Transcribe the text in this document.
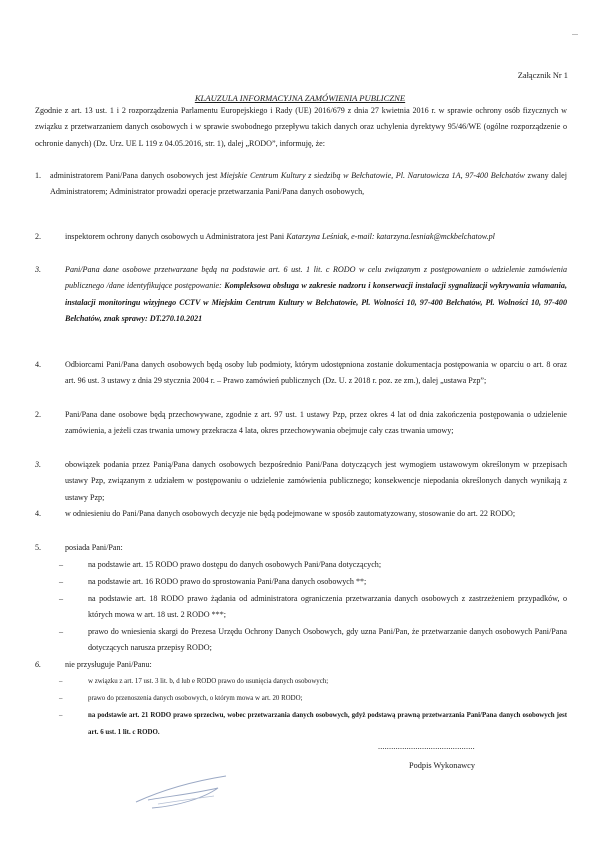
Załącznik Nr 1
KLAUZULA INFORMACYJNA ZAMÓWIENIA PUBLICZNE
Zgodnie z art. 13 ust. 1 i 2 rozporządzenia Parlamentu Europejskiego i Rady (UE) 2016/679 z dnia 27 kwietnia 2016 r. w sprawie ochrony osób fizycznych w związku z przetwarzaniem danych osobowych i w sprawie swobodnego przepływu takich danych oraz uchylenia dyrektywy 95/46/WE (ogólne rozporządzenie o ochronie danych) (Dz. Urz. UE L 119 z 04.05.2016, str. 1), dalej „RODO”, informuję, że:
1. administratorem Pani/Pana danych osobowych jest Miejskie Centrum Kultury z siedzibą w Bełchatowie, Pl. Narutowicza 1A, 97-400 Bełchatów zwany dalej Administratorem; Administrator prowadzi operacje przetwarzania Pani/Pana danych osobowych,
2.	inspektorem ochrony danych osobowych u Administratora jest Pani Katarzyna Leśniak, e-mail: katarzyna.lesniak@mckbelchatow.pl
3.	Pani/Pana dane osobowe przetwarzane będą na podstawie art. 6 ust. 1 lit. c RODO w celu związanym z postępowaniem o udzielenie zamówienia publicznego /dane identyfikujące postępowanie: Kompleksowa obsługa w zakresie nadzoru i konserwacji instalacji sygnalizacji wykrywania włamania, instalacji monitoringu wizyjnego CCTV w Miejskim Centrum Kultury w Bełchatowie, Pl. Wolności 10, 97-400 Bełchatów, Pl. Wolności 10, 97-400 Bełchatów, znak sprawy: DT.270.10.2021
4.	Odbiorcami Pani/Pana danych osobowych będą osoby lub podmioty, którym udostępniona zostanie dokumentacja postępowania w oparciu o art. 8 oraz art. 96 ust. 3 ustawy z dnia 29 stycznia 2004 r. – Prawo zamówień publicznych (Dz. U. z 2018 r. poz. ze zm.), dalej „ustawa Pzp”;
2.	Pani/Pana dane osobowe będą przechowywane, zgodnie z art. 97 ust. 1 ustawy Pzp, przez okres 4 lat od dnia zakończenia postępowania o udzielenie zamówienia, a jeżeli czas trwania umowy przekracza 4 lata, okres przechowywania obejmuje cały czas trwania umowy;
3.	obowiązek podania przez Panią/Pana danych osobowych bezpośrednio Pani/Pana dotyczących jest wymogiem ustawowym określonym w przepisach ustawy Pzp, związanym z udziałem w postępowaniu o udzielenie zamówienia publicznego; konsekwencje niepodania określonych danych wynikają z ustawy Pzp;
4.	w odniesieniu do Pani/Pana danych osobowych decyzje nie będą podejmowane w sposób zautomatyzowany, stosowanie do art. 22 RODO;
5.	posiada Pani/Pan:
–	na podstawie art. 15 RODO prawo dostępu do danych osobowych Pani/Pana dotyczących;
–	na podstawie art. 16 RODO prawo do sprostowania Pani/Pana danych osobowych **;
–	na podstawie art. 18 RODO prawo żądania od administratora ograniczenia przetwarzania danych osobowych z zastrzeżeniem przypadków, o których mowa w art. 18 ust. 2 RODO ***;
–	prawo do wniesienia skargi do Prezesa Urzędu Ochrony Danych Osobowych, gdy uzna Pani/Pan, że przetwarzanie danych osobowych Pani/Pana dotyczących narusza przepisy RODO;
6.	nie przysługuje Pani/Panu:
–	w związku z art. 17 ust. 3 lit. b, d lub e RODO prawo do usunięcia danych osobowych;
–	prawo do przenoszenia danych osobowych, o którym mowa w art. 20 RODO;
–	na podstawie art. 21 RODO prawo sprzeciwu, wobec przetwarzania danych osobowych, gdyż podstawą prawną przetwarzania Pani/Pana danych osobowych jest art. 6 ust. 1 lit. c RODO.
............................................
Podpis Wykonawcy
